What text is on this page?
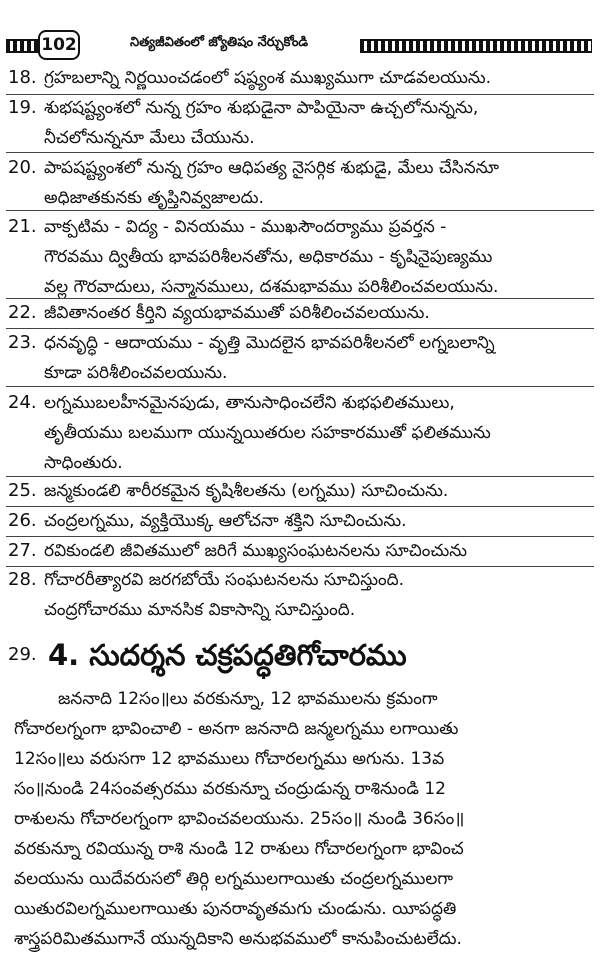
102	నిత్యజీవితంలో జ్యోతిషం నేర్చుకోండి
18. గ్రహబలాన్ని నిర్ణయించడంలో షష్ఠ్యంశ ముఖ్యముగా చూడవలయును.
19. శుభషష్ట్యంశలో నున్న గ్రహం శుభుడైనా పాపియైనా ఉచ్చలోనున్నను,
నీచలోనున్ననూ మేలు చేయును.
20. పాపషష్ట్యంశలో నున్న గ్రహం ఆధిపత్య నైసర్గిక శుభుడై, మేలు చేసిననూ
అధిజాతకునకు తృప్తినివ్వజాలదు.
21. వాక్పటిమ - విద్య - వినయము - ముఖసౌందర్యాము ప్రవర్తన -
గౌరవము ద్వితీయ భావపరిశీలనతోను, అధికారము - కృషినైపుణ్యము
వల్ల గౌరవాదులు, సన్మానములు, దశమభావము పరిశీలించవలయును.
22. జీవితానంతర కీర్తిని వ్యయభావముతో పరిశీలించవలయును.
23. ధనవృద్ధి - ఆదాయము - వృత్తి మొదలైన భావపరిశీలనలో లగ్నబలాన్ని
కూడా పరిశీలించవలయును.
24. లగ్నముబలహీనమైనపుడు, తానుసాధించలేని శుభఫలితములు,
తృతీయము బలముగా యున్నయితరుల సహకారముతో ఫలితమును
సాధింతురు.
25. జన్మకుండలి శారీరకమైన కృషిశీలతను (లగ్నము) సూచించును.
26. చంద్రలగ్నము, వ్యక్తియొక్క ఆలోచనా శక్తిని సూచించును.
27. రవికుండలి జీవితములో జరిగే ముఖ్యసంఘటనలను సూచించును
28. గోచారరీత్యారవి జరగబోయే సంఘటనలను సూచిస్తుంది.
చంద్రగోచారము మానసిక వికాసాన్ని సూచిస్తుంది.
29. 4. సుదర్శన చక్రపద్ధతిగోచారము
జననాది 12సం॥లు వరకున్నూ, 12 భావములను క్రమంగా
గోచారలగ్నంగా భావించాలి - అనగా జననాది జన్మలగ్నము లగాయితు
12సం॥లు వరుసగా 12 భావములు గోచారలగ్నము అగును. 13వ
సం॥నుండి 24సంవత్సరము వరకున్నూ చంద్రుడున్న రాశినుండి 12
రాశులను గోచారలగ్నంగా భావించవలయును. 25సం॥ నుండి 36సం॥
వరకున్నూ రవియున్న రాశి నుండి 12 రాశులు గోచారలగ్నంగా భావించ
వలయును యిదేవరుసలో తిర్గి లగ్నములగాయితు చంద్రలగ్నములగా
యితురవిలగ్నములగాయితు పునరావృతమగు చుండును. యీపద్ధతి
శాస్త్రపరిమితముగానే యున్నదికాని అనుభవములో కానుపించుటలేదు.
